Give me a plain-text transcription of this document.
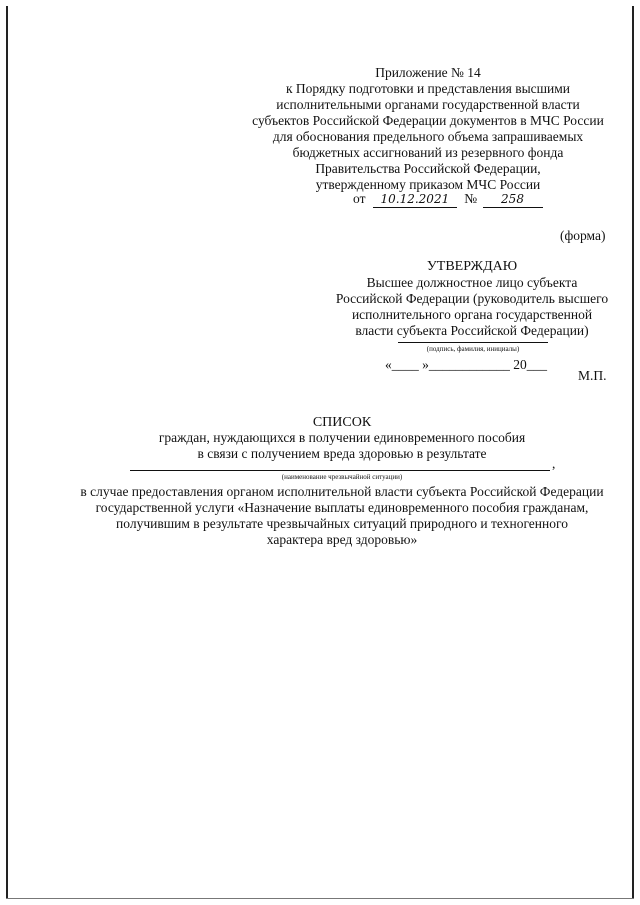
Приложение № 14
к Порядку подготовки и представления высшими
исполнительными органами государственной власти
субъектов Российской Федерации документов в МЧС России
для обоснования предельного объема запрашиваемых
бюджетных ассигнований из резервного фонда
Правительства Российской Федерации,
утвержденному приказом МЧС России
от 10.12.2021 № 258
(форма)
УТВЕРЖДАЮ
Высшее должностное лицо субъекта
Российской Федерации (руководитель высшего
исполнительного органа государственной
власти субъекта Российской Федерации)
(подпись, фамилия, инициалы)
«____ »____________ 20___
М.П.
СПИСОК
граждан, нуждающихся в получении единовременного пособия
в связи с получением вреда здоровью в результате
,
(наименование чрезвычайной ситуации)
в случае предоставления органом исполнительной власти субъекта Российской Федерации
государственной услуги «Назначение выплаты единовременного пособия гражданам,
получившим в результате чрезвычайных ситуаций природного и техногенного
характера вред здоровью»
